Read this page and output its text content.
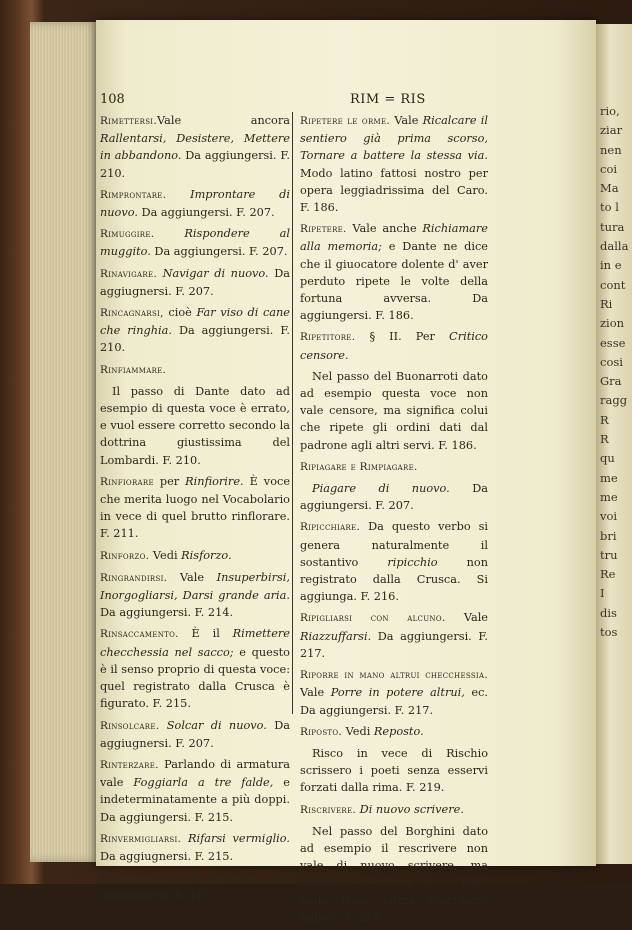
rio,
ziar
nen
coi
Ma
to l
tura
dalla
in e
cont
Ri
zion
esse
cosi
Gra
ragg
R
R
qu
me
me
voi
bri
tru
Re
I
dis
tos
108	RIM = RIS

Rimettersi.Vale ancora Rallentarsi, Desistere, Mettere in abbandono. Da aggiungersi. F. 210.

Rimprontare. Improntare di nuovo. Da aggiungersi. F. 207.

Rimuggire.	Rispondere al muggito. Da aggiungersi. F. 207.

Rinavigare. Navigar di nuovo. Da aggiugnersi. F. 207.

Rincagnarsi, cioè Far viso di cane che ringhia. Da aggiungersi. F. 210.

Rinfiammare.

Il passo di Dante dato ad esempio di questa voce è errato, e vuol essere corretto secondo la dottrina giustissima del Lombardi. F. 210.

Rinfiorare per Rinfiorire. È voce che merita luogo nel Vocabolario in vece di quel brutto rinflorare. F. 211.

Rinforzo. Vedi Risforzo.

Ringrandirsi. Vale Insuperbirsi, Inorgogliarsi, Darsi grande aria. Da aggiungersi. F. 214.

Rinsaccamento. È il Rimettere checchessia nel sacco; e questo è il senso proprio di questa voce: quel registrato dalla Crusca è figurato. F. 215.

Rinsolcare. Solcar di nuovo. Da aggiugnersi. F. 207.

Rinterzare. Parlando di armatura vale Foggiarla a tre falde, e indeterminatamente a più doppi. Da aggiungersi. F. 215.

Rinvermigliarsi. Rifarsi vermiglio. Da aggiugnersi. F. 215.

Rio. È anche Fiume. Da aggiugnersi. F. 216.

Ripetere le orme. Vale Ricalcare il sentiero già prima scorso, Tornare a battere la stessa via. Modo latino fattosi nostro per opera leggiadrissima del Caro. F. 186.

Ripetere. Vale anche Richiamare alla memoria; e Dante ne dice che il giuocatore dolente d' aver perduto ripete le volte della fortuna avversa. Da aggiungersi. F. 186.

Ripetitore. § II. Per Critico censore.

Nel passo del Buonarroti dato ad esempio questa voce non vale censore, ma significa colui che ripete gli ordini dati dal padrone agli altri servi. F. 186.

Ripiagare e Rimpiagare.

Piagare di nuovo. Da aggiungersi. F. 207.

Ripicchiare. Da questo verbo si genera naturalmente il sostantivo ripicchio non registrato dalla Crusca. Si aggiunga. F. 216.

Ripigliarsi con alcuno. Vale Riazzuffarsi. Da aggiungersi. F. 217.

Riporre in mano altrui checchessia. Vale Porre in potere altrui, ec. Da aggiungersi. F. 217.

Riposto. Vedi Reposto.

Risco in vece di Rischio scrissero i poeti senza esservi forzati dalla rima. F. 219.

Riscrivere. Di nuovo scrivere.

Nel passo del Borghini dato ad esempio il rescrivere non vale di nuovo scrivere, ma trasferire i coloni: ed è tolto dalla frase latina rescribere milites. F. 219.
